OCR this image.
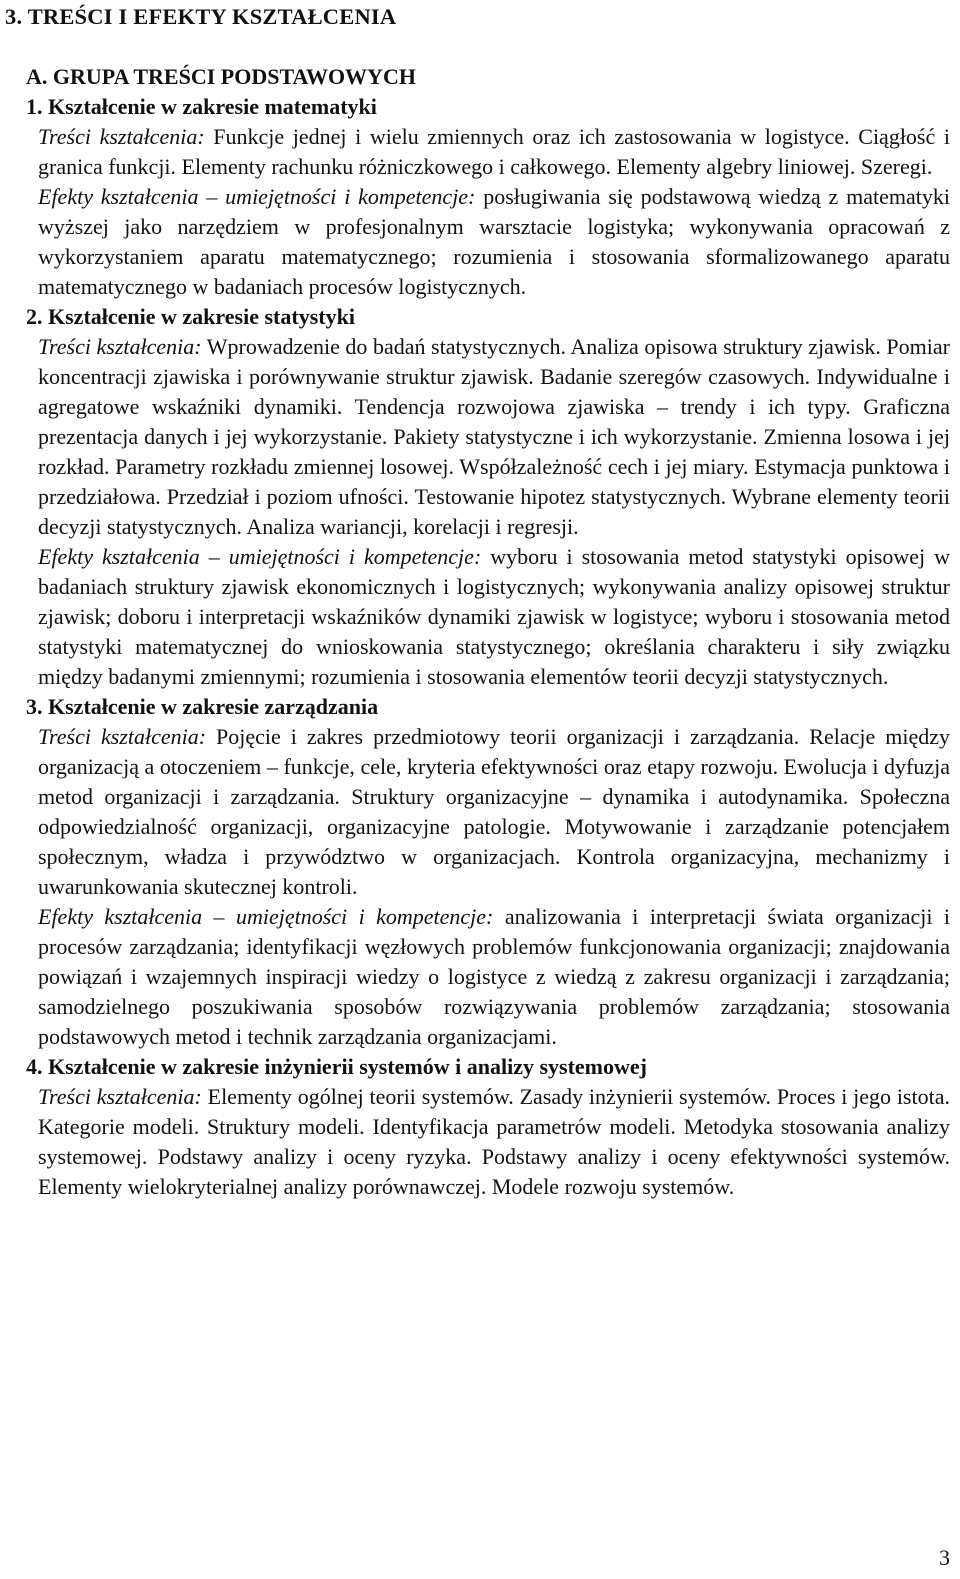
3. TREŚCI I EFEKTY KSZTAŁCENIA
A. GRUPA TREŚCI PODSTAWOWYCH
1. Kształcenie w zakresie matematyki

Treści kształcenia: Funkcje jednej i wielu zmiennych oraz ich zastosowania w logistyce. Ciągłość i granica funkcji. Elementy rachunku różniczkowego i całkowego. Elementy algebry liniowej. Szeregi.

Efekty kształcenia – umiejętności i kompetencje: posługiwania się podstawową wiedzą z matematyki wyższej jako narzędziem w profesjonalnym warsztacie logistyka; wykonywania opracowań z wykorzystaniem aparatu matematycznego; rozumienia i stosowania sformalizowanego aparatu matematycznego w badaniach procesów logistycznych.

2. Kształcenie w zakresie statystyki

Treści kształcenia: Wprowadzenie do badań statystycznych. Analiza opisowa struktury zjawisk. Pomiar koncentracji zjawiska i porównywanie struktur zjawisk. Badanie szeregów czasowych. Indywidualne i agregatowe wskaźniki dynamiki. Tendencja rozwojowa zjawiska – trendy i ich typy. Graficzna prezentacja danych i jej wykorzystanie. Pakiety statystyczne i ich wykorzystanie. Zmienna losowa i jej rozkład. Parametry rozkładu zmiennej losowej. Współzależność cech i jej miary. Estymacja punktowa i przedziałowa. Przedział i poziom ufności. Testowanie hipotez statystycznych. Wybrane elementy teorii decyzji statystycznych. Analiza wariancji, korelacji i regresji.

Efekty kształcenia – umiejętności i kompetencje: wyboru i stosowania metod statystyki opisowej w badaniach struktury zjawisk ekonomicznych i logistycznych; wykonywania analizy opisowej struktur zjawisk; doboru i interpretacji wskaźników dynamiki zjawisk w logistyce; wyboru i stosowania metod statystyki matematycznej do wnioskowania statystycznego; określania charakteru i siły związku między badanymi zmiennymi; rozumienia i stosowania elementów teorii decyzji statystycznych.

3. Kształcenie w zakresie zarządzania

Treści kształcenia: Pojęcie i zakres przedmiotowy teorii organizacji i zarządzania. Relacje między organizacją a otoczeniem – funkcje, cele, kryteria efektywności oraz etapy rozwoju. Ewolucja i dyfuzja metod organizacji i zarządzania. Struktury organizacyjne – dynamika i autodynamika. Społeczna odpowiedzialność organizacji, organizacyjne patologie. Motywowanie i zarządzanie potencjałem społecznym, władza i przywództwo w organizacjach. Kontrola organizacyjna, mechanizmy i uwarunkowania skutecznej kontroli.

Efekty kształcenia – umiejętności i kompetencje: analizowania i interpretacji świata organizacji i procesów zarządzania; identyfikacji węzłowych problemów funkcjonowania organizacji; znajdowania powiązań i wzajemnych inspiracji wiedzy o logistyce z wiedzą z zakresu organizacji i zarządzania; samodzielnego poszukiwania sposobów rozwiązywania problemów zarządzania; stosowania podstawowych metod i technik zarządzania organizacjami.

4. Kształcenie w zakresie inżynierii systemów i analizy systemowej

Treści kształcenia: Elementy ogólnej teorii systemów. Zasady inżynierii systemów. Proces i jego istota. Kategorie modeli. Struktury modeli. Identyfikacja parametrów modeli. Metodyka stosowania analizy systemowej. Podstawy analizy i oceny ryzyka. Podstawy analizy i oceny efektywności systemów. Elementy wielokryterialnej analizy porównawczej. Modele rozwoju systemów.

3
